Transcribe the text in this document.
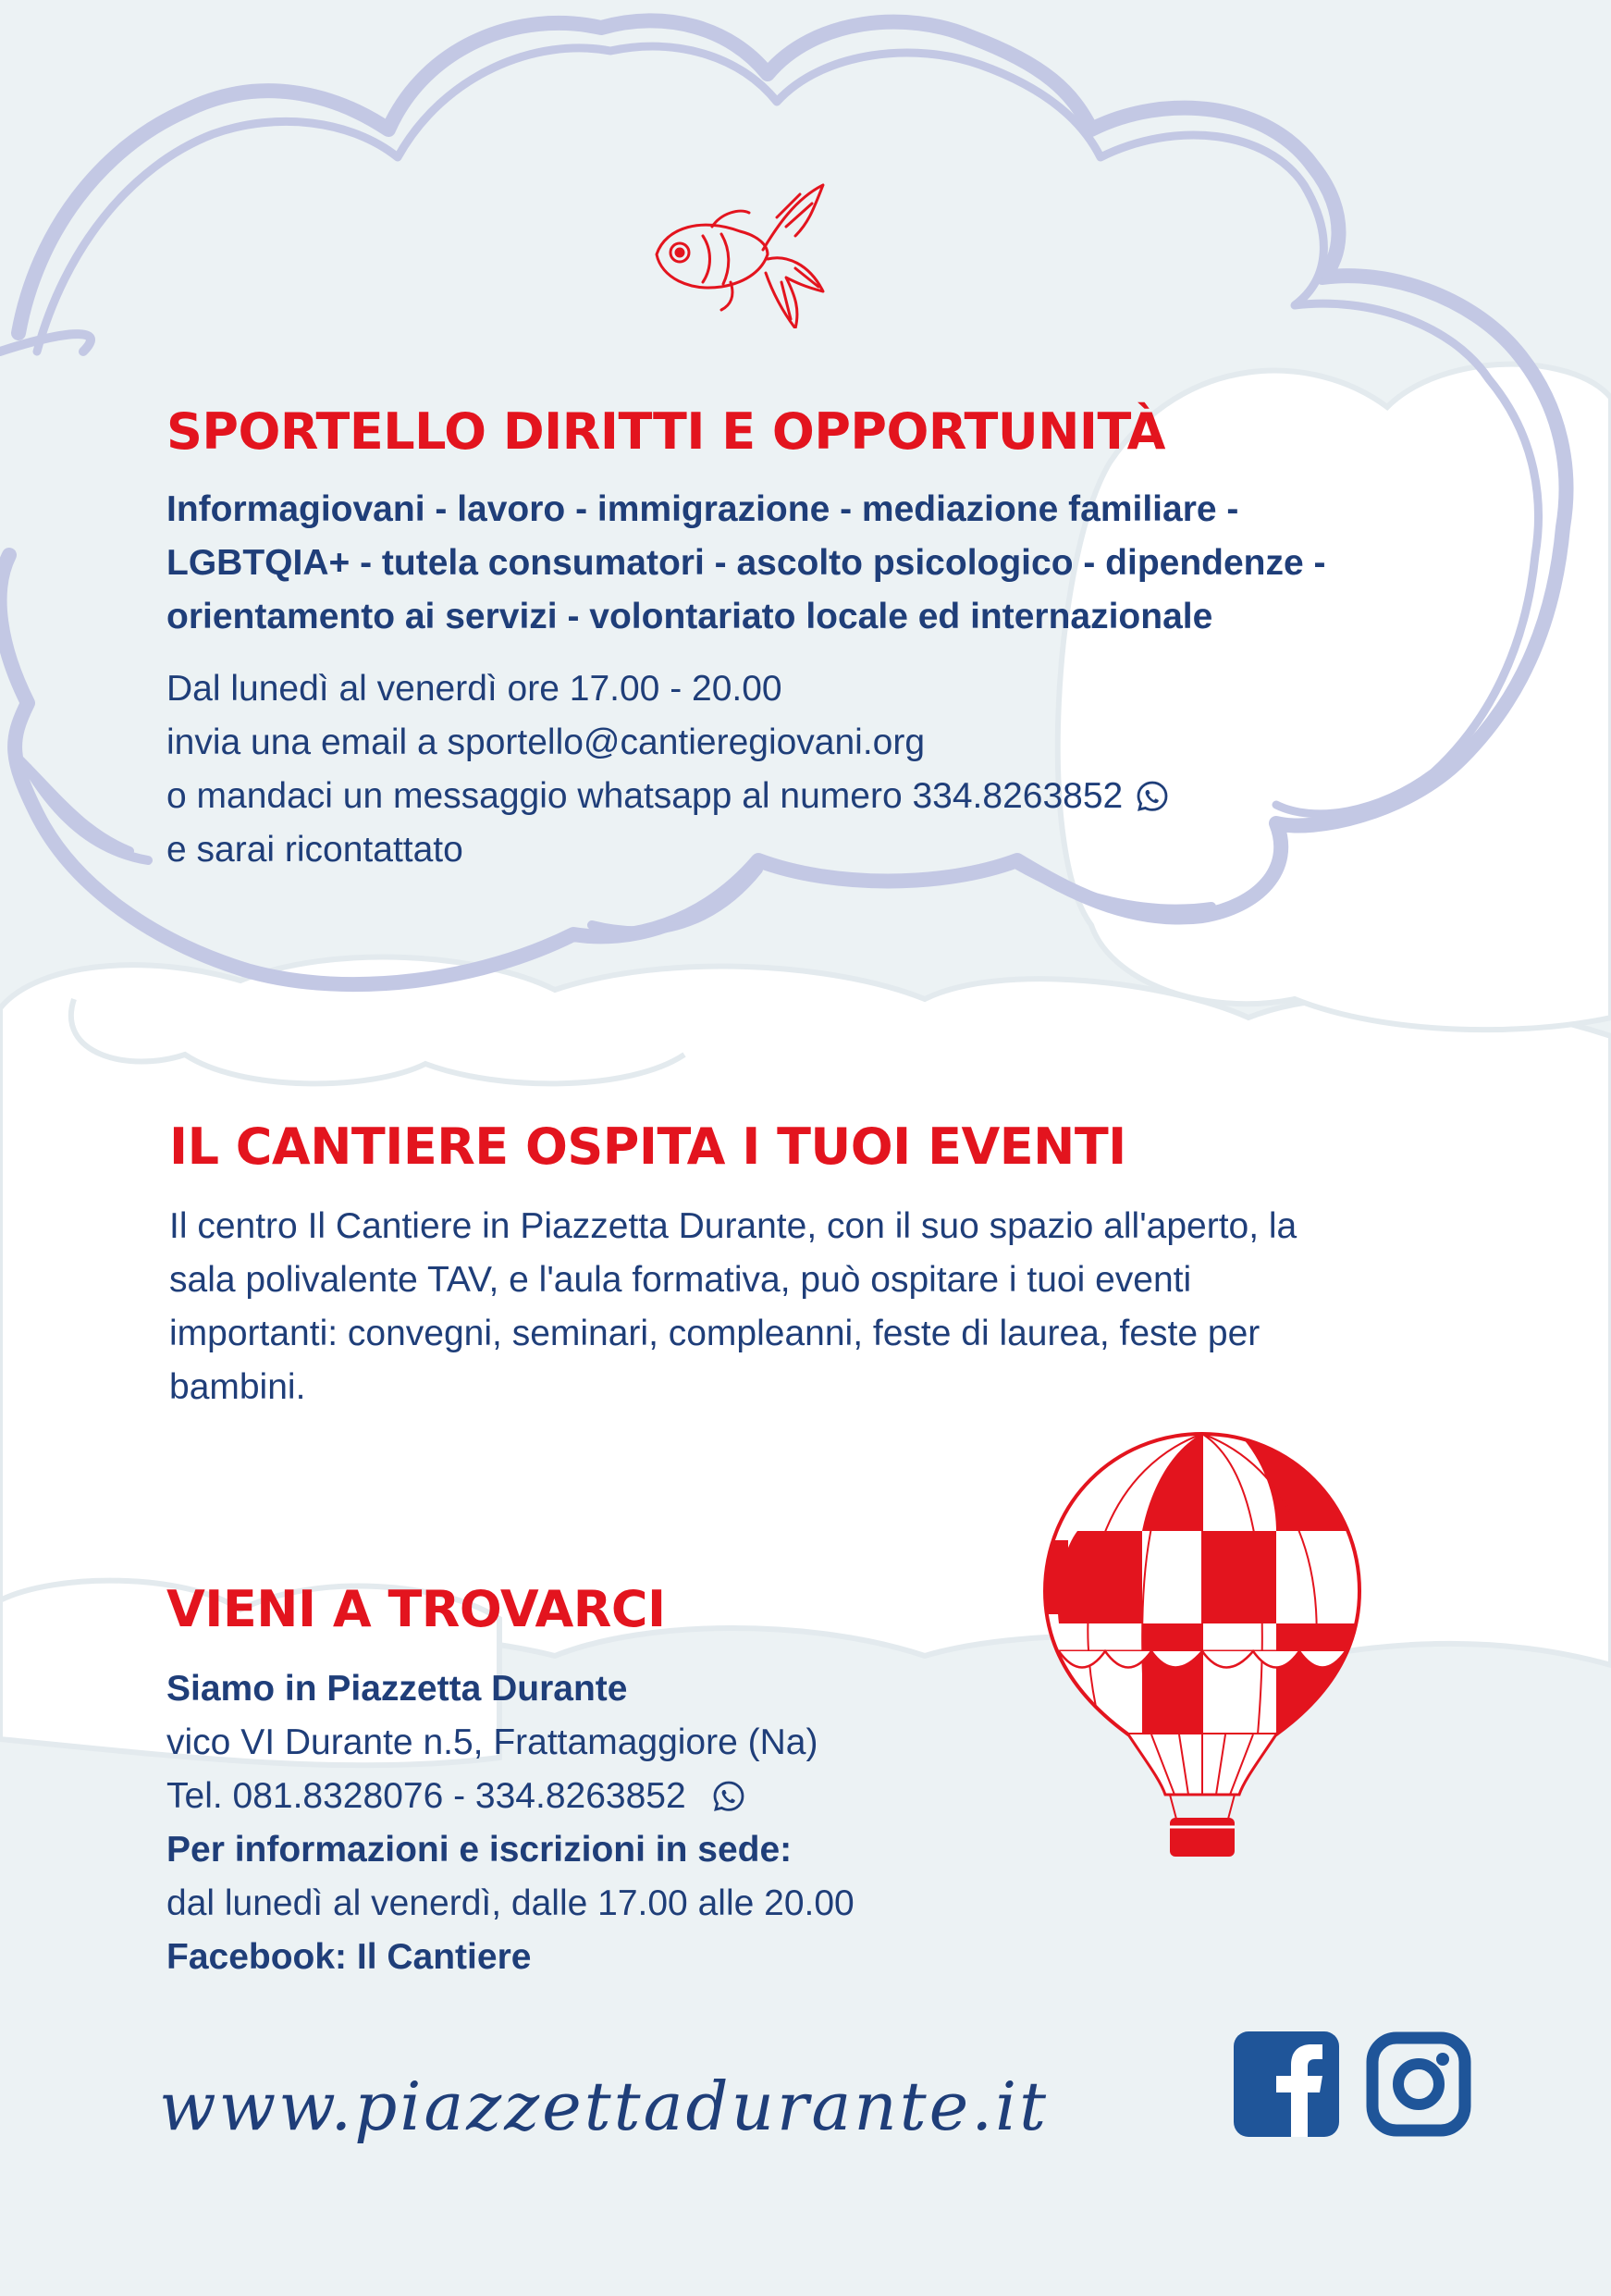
SPORTELLO DIRITTI E OPPORTUNITÀ
Informagiovani - lavoro - immigrazione - mediazione familiare -
LGBTQIA+ - tutela consumatori - ascolto psicologico - dipendenze -
orientamento ai servizi - volontariato locale ed internazionale
Dal lunedì al venerdì ore 17.00 - 20.00
invia una email a sportello@cantieregiovani.org
o mandaci un messaggio whatsapp al numero 334.8263852
e sarai ricontattato
IL CANTIERE OSPITA I TUOI EVENTI
Il centro Il Cantiere in Piazzetta Durante, con il suo spazio all'aperto, la
sala polivalente TAV, e l'aula formativa, può ospitare i tuoi eventi
importanti: convegni, seminari, compleanni, feste di laurea, feste per
bambini.
VIENI A TROVARCI
Siamo in Piazzetta Durante
vico VI Durante n.5, Frattamaggiore (Na)
Tel. 081.8328076 - 334.8263852
Per informazioni e iscrizioni in sede:
dal lunedì al venerdì, dalle 17.00 alle 20.00
Facebook: Il Cantiere
www.piazzettadurante.it
